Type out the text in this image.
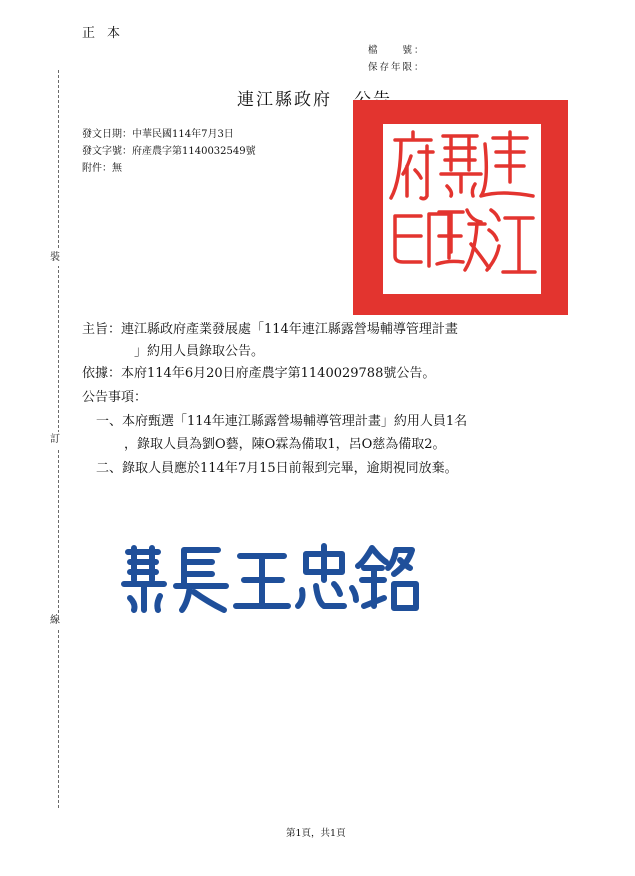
正本
檔　　號：
保存年限：
裝
訂
線
連江縣政府
發文日期：中華民國114年7月3日
發文字號：府產農字第1140032549號
附件：無
主旨：連江縣政府產業發展處「114年連江縣露營場輔導管理計畫
」約用人員錄取公告。
依據：本府114年6月20日府產農字第1140029788號公告。
公告事項：
一、本府甄選「114年連江縣露營場輔導管理計畫」約用人員1名
，錄取人員為劉O藝，陳O霖為備取1，呂O慈為備取2。
二、錄取人員應於114年7月15日前報到完畢，逾期視同放棄。
第1頁，共1頁
